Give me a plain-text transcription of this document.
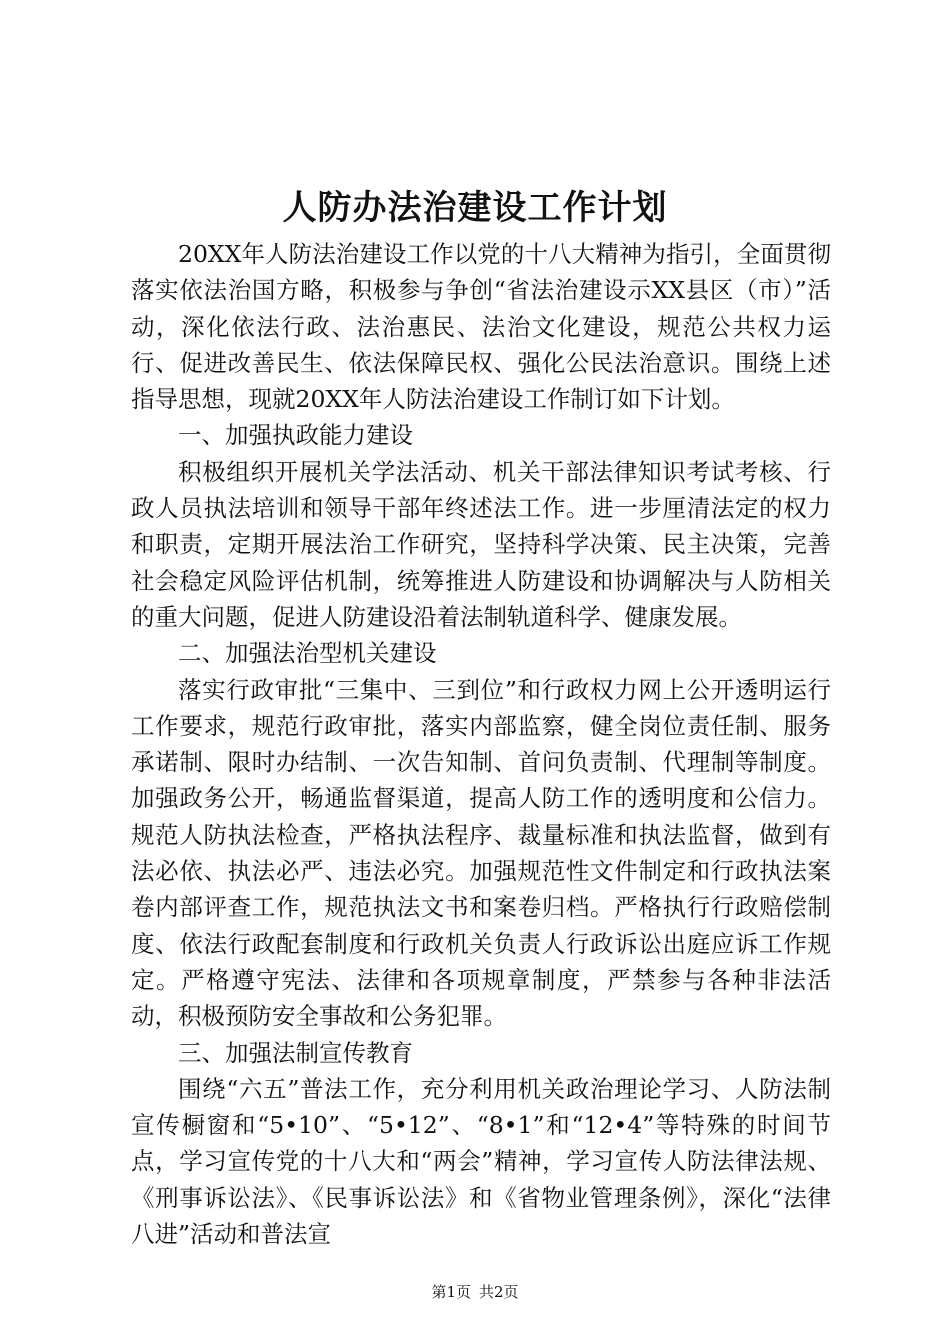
人防办法治建设工作计划

20XX年人防法治建设工作以党的十八大精神为指引，全面贯彻落实依法治国方略，积极参与争创“省法治建设示XX县区（市）”活动，深化依法行政、法治惠民、法治文化建设，规范公共权力运行、促进改善民生、依法保障民权、强化公民法治意识。围绕上述指导思想，现就20XX年人防法治建设工作制订如下计划。

一、加强执政能力建设

积极组织开展机关学法活动、机关干部法律知识考试考核、行政人员执法培训和领导干部年终述法工作。进一步厘清法定的权力和职责，定期开展法治工作研究，坚持科学决策、民主决策，完善社会稳定风险评估机制，统筹推进人防建设和协调解决与人防相关的重大问题，促进人防建设沿着法制轨道科学、健康发展。

二、加强法治型机关建设

落实行政审批“三集中、三到位”和行政权力网上公开透明运行工作要求，规范行政审批，落实内部监察，健全岗位责任制、服务承诺制、限时办结制、一次告知制、首问负责制、代理制等制度。加强政务公开，畅通监督渠道，提高人防工作的透明度和公信力。规范人防执法检查，严格执法程序、裁量标准和执法监督，做到有法必依、执法必严、违法必究。加强规范性文件制定和行政执法案卷内部评查工作，规范执法文书和案卷归档。严格执行行政赔偿制度、依法行政配套制度和行政机关负责人行政诉讼出庭应诉工作规定。严格遵守宪法、法律和各项规章制度，严禁参与各种非法活动，积极预防安全事故和公务犯罪。

三、加强法制宣传教育

围绕“六五”普法工作，充分利用机关政治理论学习、人防法制宣传橱窗和“5•10”、“5•12”、“8•1”和“12•4”等特殊的时间节点，学习宣传党的十八大和“两会”精神，学习宣传人防法律法规、《刑事诉讼法》、《民事诉讼法》和《省物业管理条例》，深化“法律八进”活动和普法宣

第1页 共2页
